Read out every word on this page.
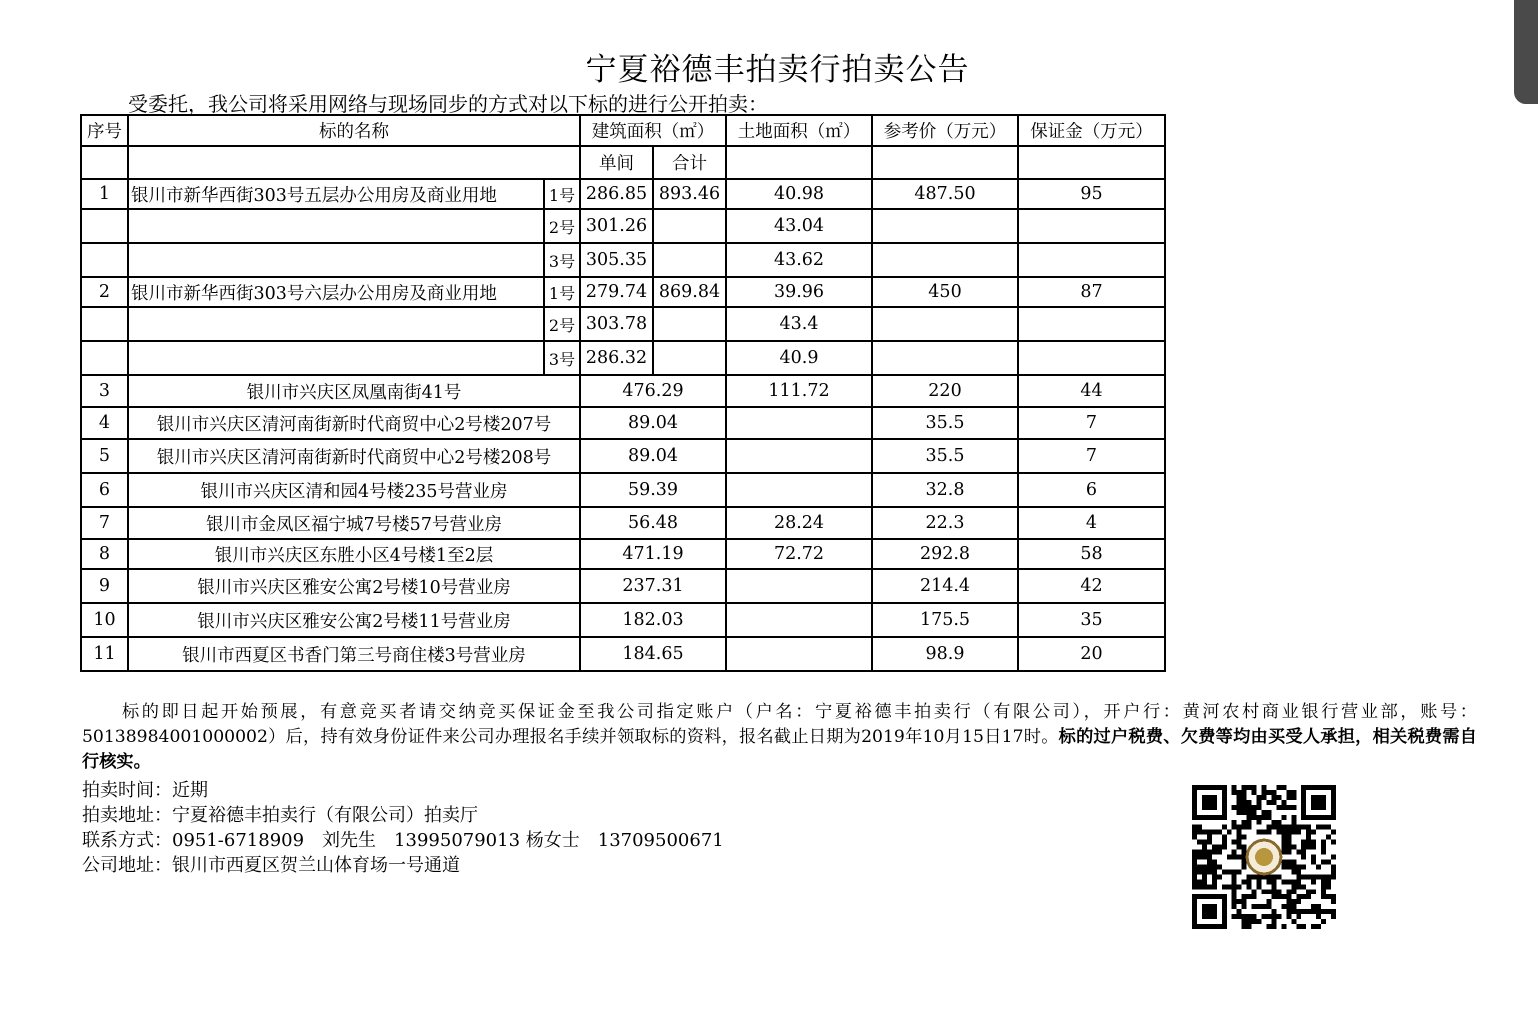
宁夏裕德丰拍卖行拍卖公告
受委托，我公司将采用网络与现场同步的方式对以下标的进行公开拍卖：
序号	标的名称		建筑面积（㎡）		土地面积（㎡）	参考价（万元）	保证金（万元）
			单间	合计			
1	银川市新华西街303号五层办公用房及商业用地	1号	286.85	893.46	40.98	487.50	95
		2号	301.26		43.04		
		3号	305.35		43.62		
2	银川市新华西街303号六层办公用房及商业用地	1号	279.74	869.84	39.96	450	87
		2号	303.78		43.4		
		3号	286.32		40.9		
3	银川市兴庆区凤凰南街41号		476.29		111.72	220	44
4	银川市兴庆区清河南街新时代商贸中心2号楼207号		89.04			35.5	7
5	银川市兴庆区清河南街新时代商贸中心2号楼208号		89.04			35.5	7
6	银川市兴庆区清和园4号楼235号营业房		59.39			32.8	6
7	银川市金凤区福宁城7号楼57号营业房		56.48		28.24	22.3	4
8	银川市兴庆区东胜小区4号楼1至2层		471.19		72.72	292.8	58
9	银川市兴庆区雅安公寓2号楼10号营业房		237.31			214.4	42
10	银川市兴庆区雅安公寓2号楼11号营业房		182.03			175.5	35
11	银川市西夏区书香门第三号商住楼3号营业房		184.65			98.9	20
标的即日起开始预展，有意竞买者请交纳竞买保证金至我公司指定账户（户名：宁夏裕德丰拍卖行（有限公司），开户行：黄河农村商业银行营业部，账号：50138984001000002）后，持有效身份证件来公司办理报名手续并领取标的资料，报名截止日期为2019年10月15日17时。标的过户税费、欠费等均由买受人承担，相关税费需自行核实。
拍卖时间：近期
拍卖地址：宁夏裕德丰拍卖行（有限公司）拍卖厅
联系方式：0951-6718909　刘先生　13995079013 杨女士　13709500671
公司地址：银川市西夏区贺兰山体育场一号通道
